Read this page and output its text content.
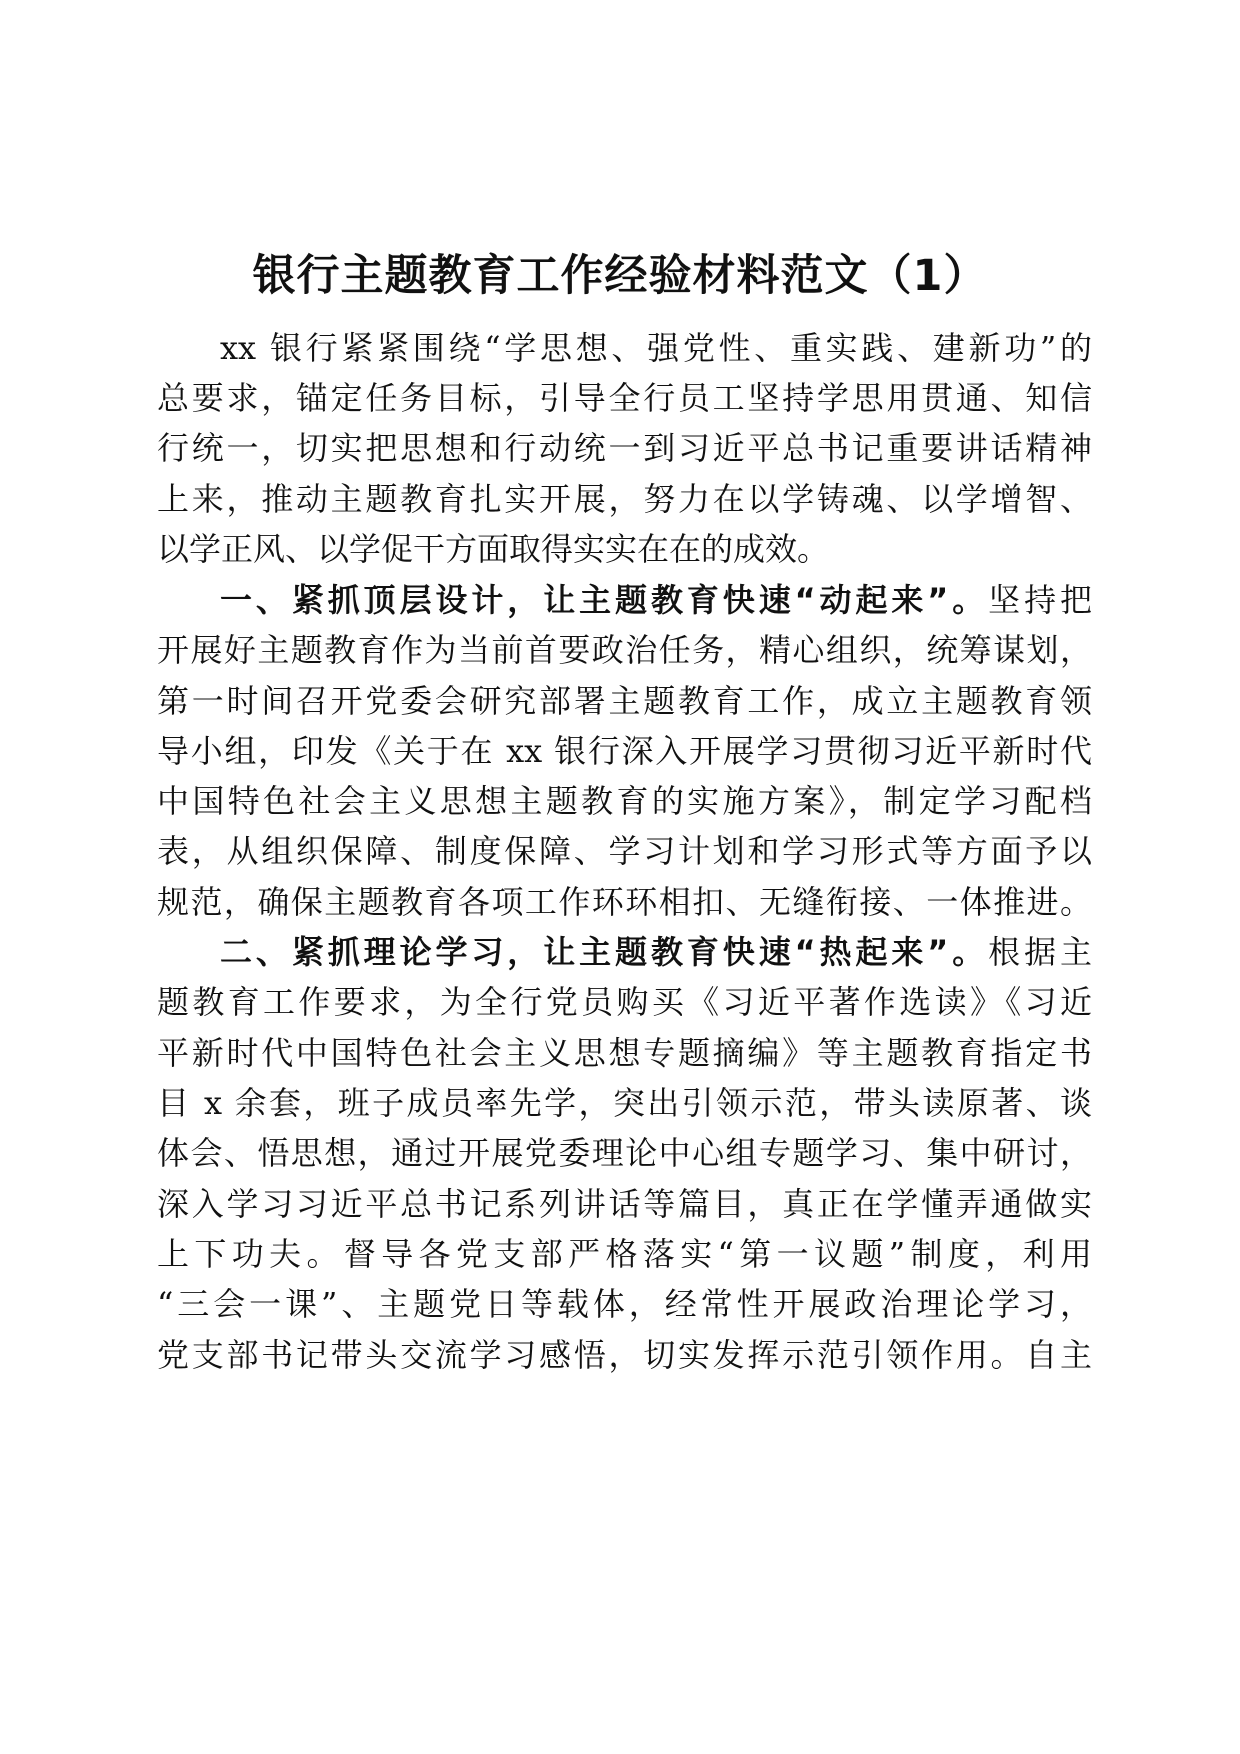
银行主题教育工作经验材料范文（1）
xx 银行紧紧围绕“学思想、强党性、重实践、建新功”的
总要求，锚定任务目标，引导全行员工坚持学思用贯通、知信
行统一，切实把思想和行动统一到习近平总书记重要讲话精神
上来，推动主题教育扎实开展，努力在以学铸魂、以学增智、
以学正风、以学促干方面取得实实在在的成效。
一、紧抓顶层设计，让主题教育快速“动起来”。坚持把
开展好主题教育作为当前首要政治任务，精心组织，统筹谋划，
第一时间召开党委会研究部署主题教育工作，成立主题教育领
导小组，印发《关于在 xx 银行深入开展学习贯彻习近平新时代
中国特色社会主义思想主题教育的实施方案》，制定学习配档
表，从组织保障、制度保障、学习计划和学习形式等方面予以
规范，确保主题教育各项工作环环相扣、无缝衔接、一体推进。
二、紧抓理论学习，让主题教育快速“热起来”。根据主
题教育工作要求，为全行党员购买《习近平著作选读》《习近
平新时代中国特色社会主义思想专题摘编》等主题教育指定书
目 x 余套，班子成员率先学，突出引领示范，带头读原著、谈
体会、悟思想，通过开展党委理论中心组专题学习、集中研讨，
深入学习习近平总书记系列讲话等篇目，真正在学懂弄通做实
上下功夫。督导各党支部严格落实“第一议题”制度，利用
“三会一课”、主题党日等载体，经常性开展政治理论学习，
党支部书记带头交流学习感悟，切实发挥示范引领作用。自主
